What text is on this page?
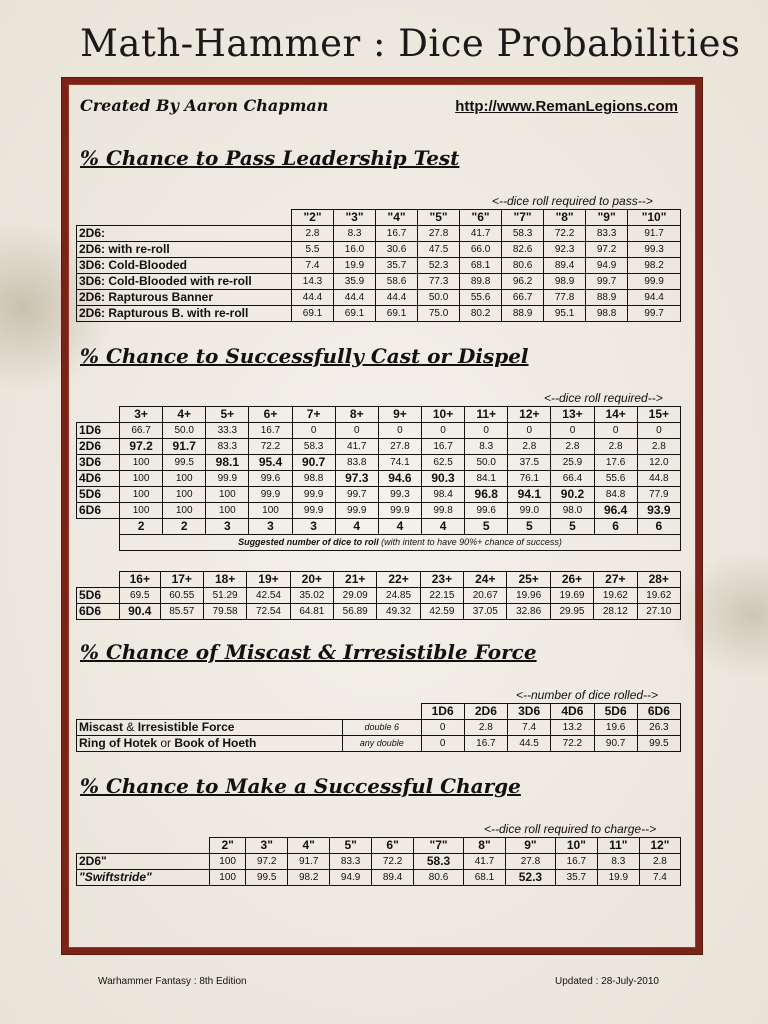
Math-Hammer : Dice Probabilities
Created By Aaron Chapman	http://www.RemanLegions.com
% Chance to Pass Leadership Test
<--dice roll required to pass-->
	"2"	"3"	"4"	"5"	"6"	"7"	"8"	"9"	"10"
2D6:	2.8	8.3	16.7	27.8	41.7	58.3	72.2	83.3	91.7
2D6: with re-roll	5.5	16.0	30.6	47.5	66.0	82.6	92.3	97.2	99.3
3D6: Cold-Blooded	7.4	19.9	35.7	52.3	68.1	80.6	89.4	94.9	98.2
3D6: Cold-Blooded with re-roll	14.3	35.9	58.6	77.3	89.8	96.2	98.9	99.7	99.9
2D6: Rapturous Banner	44.4	44.4	44.4	50.0	55.6	66.7	77.8	88.9	94.4
2D6: Rapturous B. with re-roll	69.1	69.1	69.1	75.0	80.2	88.9	95.1	98.8	99.7
% Chance to Successfully Cast or Dispel
<--dice roll required-->
	3+	4+	5+	6+	7+	8+	9+	10+	11+	12+	13+	14+	15+
1D6	66.7	50.0	33.3	16.7	0	0	0	0	0	0	0	0	0
2D6	97.2	91.7	83.3	72.2	58.3	41.7	27.8	16.7	8.3	2.8	2.8	2.8	2.8
3D6	100	99.5	98.1	95.4	90.7	83.8	74.1	62.5	50.0	37.5	25.9	17.6	12.0
4D6	100	100	99.9	99.6	98.8	97.3	94.6	90.3	84.1	76.1	66.4	55.6	44.8
5D6	100	100	100	99.9	99.9	99.7	99.3	98.4	96.8	94.1	90.2	84.8	77.9
6D6	100	100	100	100	99.9	99.9	99.9	99.8	99.6	99.0	98.0	96.4	93.9
	2	2	3	3	3	4	4	4	5	5	5	6	6
	Suggested number of dice to roll (with intent to have 90%+ chance of success)												
	16+	17+	18+	19+	20+	21+	22+	23+	24+	25+	26+	27+	28+
5D6	69.5	60.55	51.29	42.54	35.02	29.09	24.85	22.15	20.67	19.96	19.69	19.62	19.62
6D6	90.4	85.57	79.58	72.54	64.81	56.89	49.32	42.59	37.05	32.86	29.95	28.12	27.10
% Chance of Miscast & Irresistible Force
<--number of dice rolled-->
		1D6	2D6	3D6	4D6	5D6	6D6
Miscast & Irresistible Force	double 6	0	2.8	7.4	13.2	19.6	26.3
Ring of Hotek or Book of Hoeth	any double	0	16.7	44.5	72.2	90.7	99.5
% Chance to Make a Successful Charge
<--dice roll required to charge-->
	2"	3"	4"	5"	6"	"7"	8"	9"	10"	11"	12"
2D6"	100	97.2	91.7	83.3	72.2	58.3	41.7	27.8	16.7	8.3	2.8
"Swiftstride"	100	99.5	98.2	94.9	89.4	80.6	68.1	52.3	35.7	19.9	7.4
Warhammer Fantasy : 8th Edition	Updated : 28-July-2010
